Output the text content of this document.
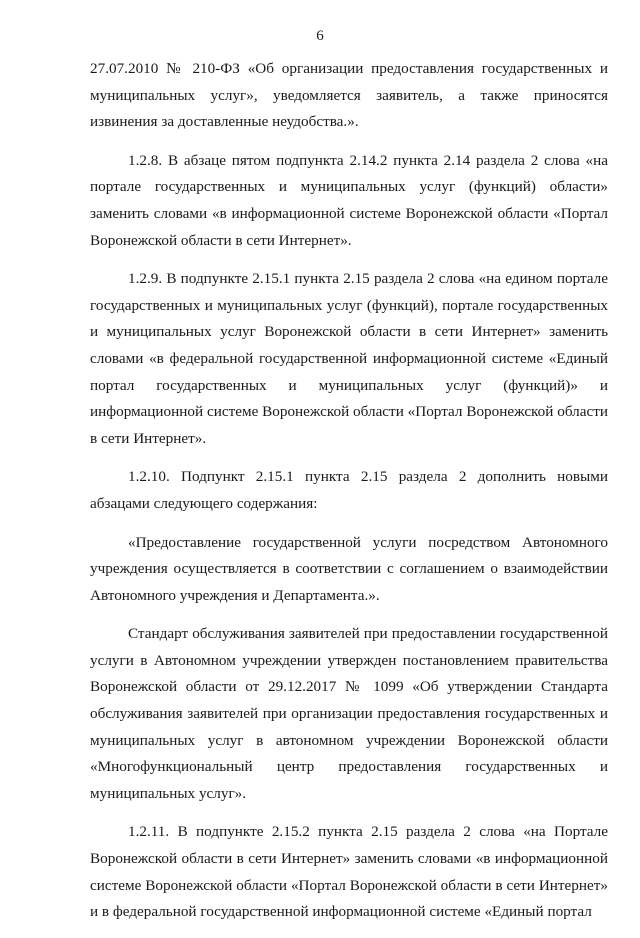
6

27.07.2010 № 210-ФЗ «Об организации предоставления государственных и муниципальных услуг», уведомляется заявитель, а также приносятся извинения за доставленные неудобства.».

1.2.8. В абзаце пятом подпункта 2.14.2 пункта 2.14 раздела 2 слова «на портале государственных и муниципальных услуг (функций) области» заменить словами «в информационной системе Воронежской области «Портал Воронежской области в сети Интернет».

1.2.9. В подпункте 2.15.1 пункта 2.15 раздела 2 слова «на едином портале государственных и муниципальных услуг (функций), портале государственных и муниципальных услуг Воронежской области в сети Интернет» заменить словами «в федеральной государственной информационной системе «Единый портал государственных и муниципальных услуг (функций)» и информационной системе Воронежской области «Портал Воронежской области в сети Интернет».

1.2.10. Подпункт 2.15.1 пункта 2.15 раздела 2 дополнить новыми абзацами следующего содержания:

«Предоставление государственной услуги посредством Автономного учреждения осуществляется в соответствии с соглашением о взаимодействии Автономного учреждения и Департамента.».

Стандарт обслуживания заявителей при предоставлении государственной услуги в Автономном учреждении утвержден постановлением правительства Воронежской области от 29.12.2017 № 1099 «Об утверждении Стандарта обслуживания заявителей при организации предоставления государственных и муниципальных услуг в автономном учреждении Воронежской области «Многофункциональный центр предоставления государственных и муниципальных услуг».

1.2.11. В подпункте 2.15.2 пункта 2.15 раздела 2 слова «на Портале Воронежской области в сети Интернет» заменить словами «в информационной системе Воронежской области «Портал Воронежской области в сети Интернет» и в федеральной государственной информационной системе «Единый портал
